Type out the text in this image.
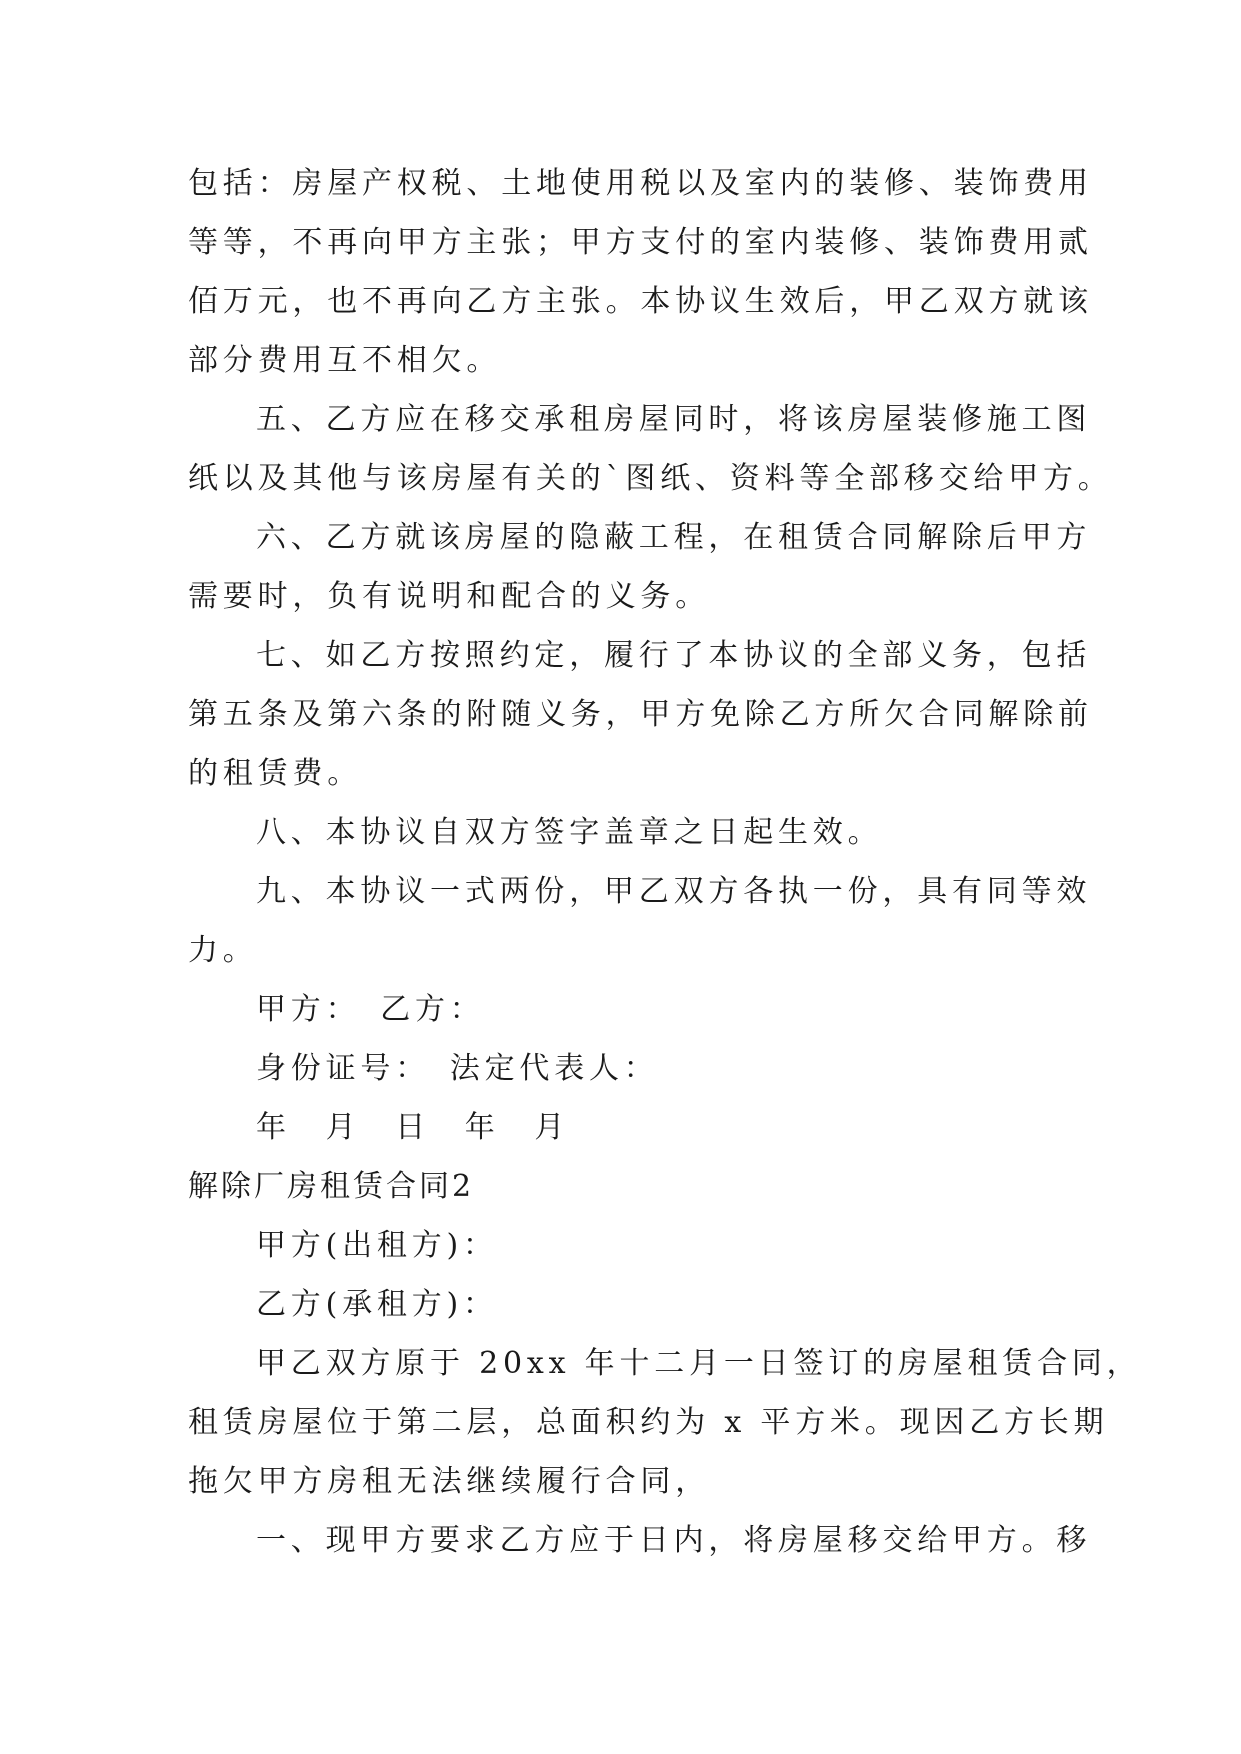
包括：房屋产权税、土地使用税以及室内的装修、装饰费用
等等，不再向甲方主张；甲方支付的室内装修、装饰费用贰
佰万元，也不再向乙方主张。本协议生效后，甲乙双方就该
部分费用互不相欠。
五、乙方应在移交承租房屋同时，将该房屋装修施工图
纸以及其他与该房屋有关的`图纸、资料等全部移交给甲方。
六、乙方就该房屋的隐蔽工程，在租赁合同解除后甲方
需要时，负有说明和配合的义务。
七、如乙方按照约定，履行了本协议的全部义务，包括
第五条及第六条的附随义务，甲方免除乙方所欠合同解除前
的租赁费。
八、本协议自双方签字盖章之日起生效。
九、本协议一式两份，甲乙双方各执一份，具有同等效
力。
甲方：　乙方：
身份证号：　法定代表人：
年　月　日　年　月
解除厂房租赁合同2
甲方(出租方)：
乙方(承租方)：
甲乙双方原于 20xx 年十二月一日签订的房屋租赁合同，
租赁房屋位于第二层，总面积约为 x 平方米。现因乙方长期
拖欠甲方房租无法继续履行合同，
一、现甲方要求乙方应于日内，将房屋移交给甲方。移
